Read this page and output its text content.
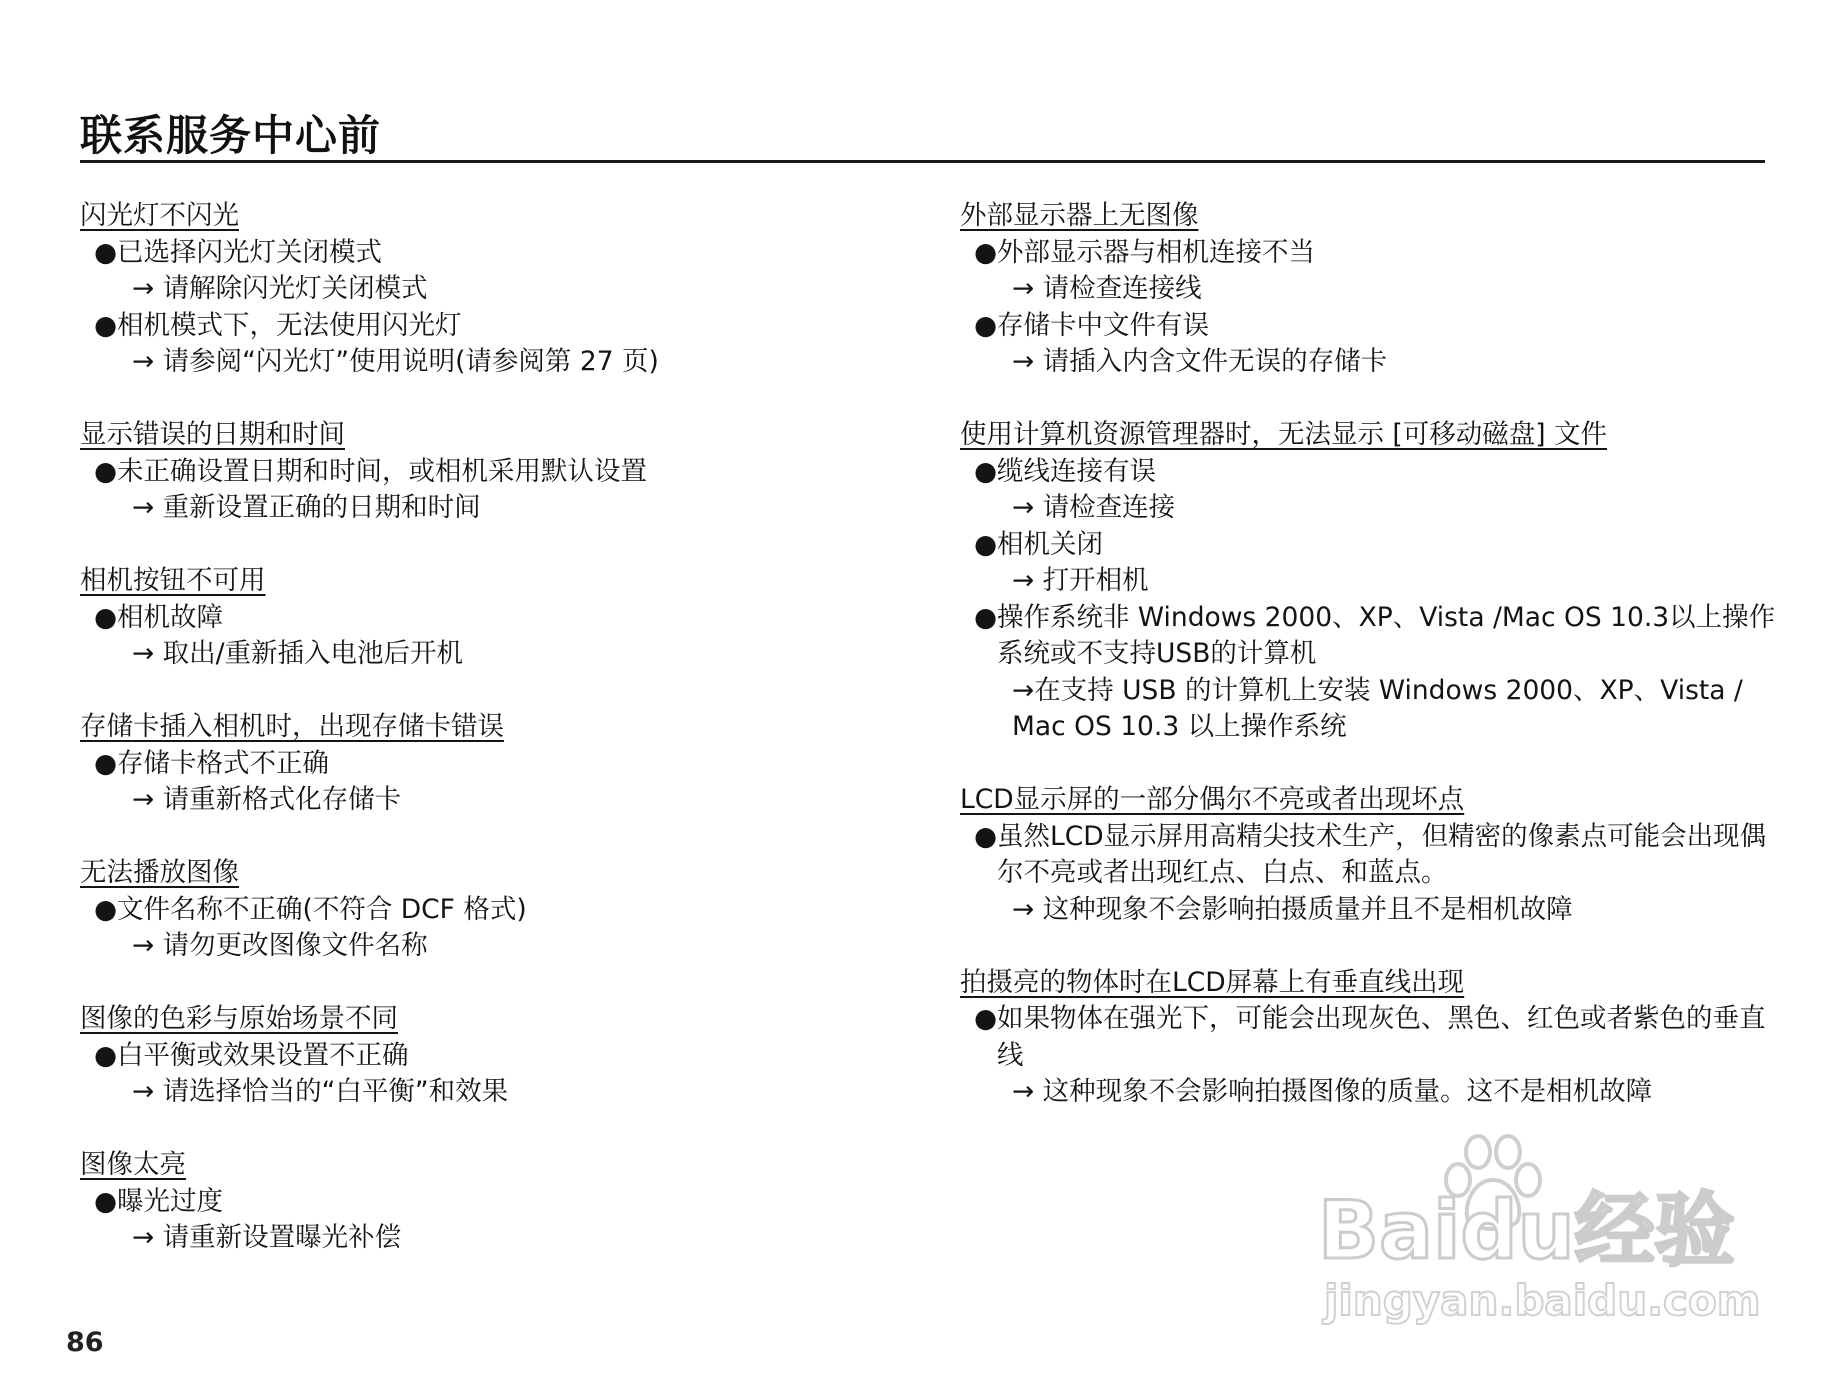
联系服务中心前
闪光灯不闪光
● 已选择闪光灯关闭模式
→ 请解除闪光灯关闭模式
● 相机模式下，无法使用闪光灯
→ 请参阅“闪光灯”使用说明(请参阅第 27 页)
显示错误的日期和时间
● 未正确设置日期和时间，或相机采用默认设置
→ 重新设置正确的日期和时间
相机按钮不可用
● 相机故障
→ 取出/重新插入电池后开机
存储卡插入相机时，出现存储卡错误
● 存储卡格式不正确
→ 请重新格式化存储卡
无法播放图像
● 文件名称不正确(不符合 DCF 格式)
→ 请勿更改图像文件名称
图像的色彩与原始场景不同
● 白平衡或效果设置不正确
→ 请选择恰当的“白平衡”和效果
图像太亮
● 曝光过度
→ 请重新设置曝光补偿
外部显示器上无图像
● 外部显示器与相机连接不当
→ 请检查连接线
● 存储卡中文件有误
→ 请插入内含文件无误的存储卡
使用计算机资源管理器时，无法显示 [可移动磁盘] 文件
● 缆线连接有误
→ 请检查连接
● 相机关闭
→ 打开相机
● 操作系统非 Windows 2000、XP、Vista /Mac OS 10.3以上操作系统或不支持USB的计算机
→在支持 USB 的计算机上安装 Windows 2000、XP、Vista / Mac OS 10.3 以上操作系统
LCD显示屏的一部分偶尔不亮或者出现坏点
● 虽然LCD显示屏用高精尖技术生产，但精密的像素点可能会出现偶尔不亮或者出现红点、白点、和蓝点。
→ 这种现象不会影响拍摄质量并且不是相机故障
拍摄亮的物体时在LCD屏幕上有垂直线出现
● 如果物体在强光下，可能会出现灰色、黑色、红色或者紫色的垂直线
→ 这种现象不会影响拍摄图像的质量。这不是相机故障
86
Baidu经验
jingyan.baidu.com
